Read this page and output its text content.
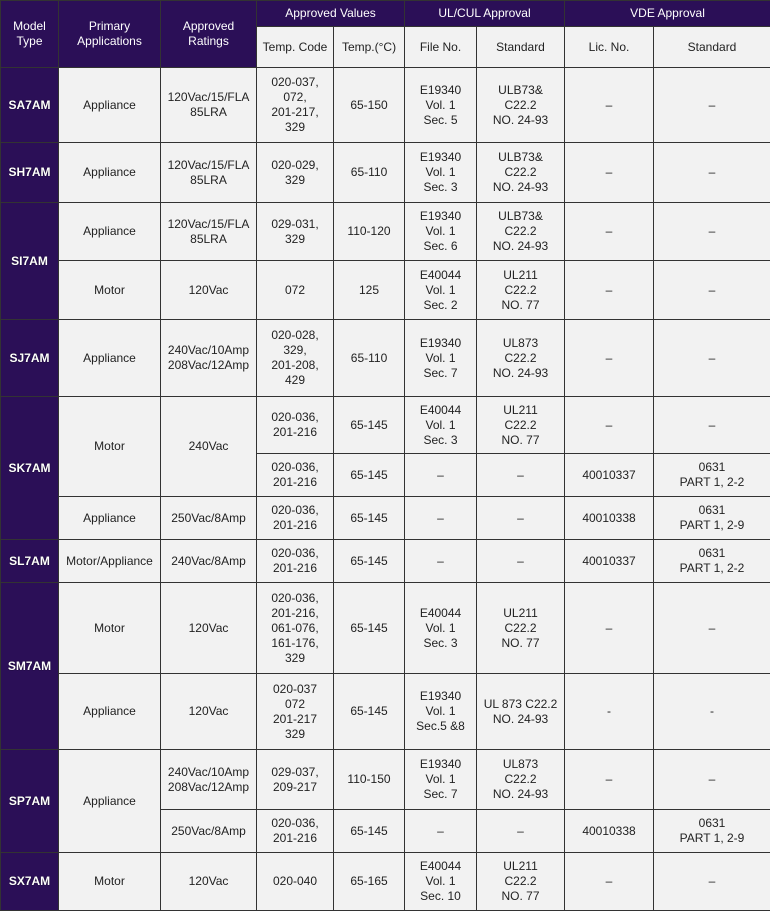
Model Type	Primary Applications	Approved Ratings	Approved Values		UL/CUL Approval		VDE Approval	
			Temp. Code	Temp.(°C)	File No.	Standard	Lic. No.	Standard
SA7AM	Appliance	120Vac/15/FLA
85LRA	020-037,
072,
201-217,
329	65-150	E19340
Vol. 1
Sec. 5	ULB73&
C22.2
NO. 24-93	–	–

SH7AM	Appliance	120Vac/15/FLA
85LRA	020-029,
329	65-110	E19340
Vol. 1
Sec. 3	ULB73&
C22.2
NO. 24-93	–	–

SI7AM	Appliance	120Vac/15/FLA
85LRA	029-031,
329	110-120	E19340
Vol. 1
Sec. 6	ULB73&
C22.2
NO. 24-93	–	–

	Motor	120Vac	072	125	E40044
Vol. 1
Sec. 2	UL211
C22.2
NO. 77	–	–

SJ7AM	Appliance	240Vac/10Amp
208Vac/12Amp	020-028,
329,
201-208,
429	65-110	E19340
Vol. 1
Sec. 7	UL873
C22.2
NO. 24-93	–	–

SK7AM	Motor	240Vac	020-036,
201-216	65-145	E40044
Vol. 1
Sec. 3	UL211
C22.2
NO. 77	–	–

			020-036,
201-216	65-145	–	–	40010337	0631
PART 1, 2-2

	Appliance	250Vac/8Amp	020-036,
201-216	65-145	–	–	40010338	0631
PART 1, 2-9

SL7AM	Motor/Appliance	240Vac/8Amp	020-036,
201-216	65-145	–	–	40010337	0631
PART 1, 2-2

SM7AM	Motor	120Vac	020-036,
201-216,
061-076,
161-176,
329	65-145	E40044
Vol. 1
Sec. 3	UL211
C22.2
NO. 77	–	–

	Appliance	120Vac	020-037
072
201-217
329	65-145	E19340
Vol. 1
Sec.5 &8	UL 873 C22.2
NO. 24-93	-	-

SP7AM	Appliance	240Vac/10Amp
208Vac/12Amp	029-037,
209-217	110-150	E19340
Vol. 1
Sec. 7	UL873
C22.2
NO. 24-93	–	–

		250Vac/8Amp	020-036,
201-216	65-145	–	–	40010338	0631
PART 1, 2-9

SX7AM	Motor	120Vac	020-040	65-165	E40044
Vol. 1
Sec. 10	UL211
C22.2
NO. 77	–	–
